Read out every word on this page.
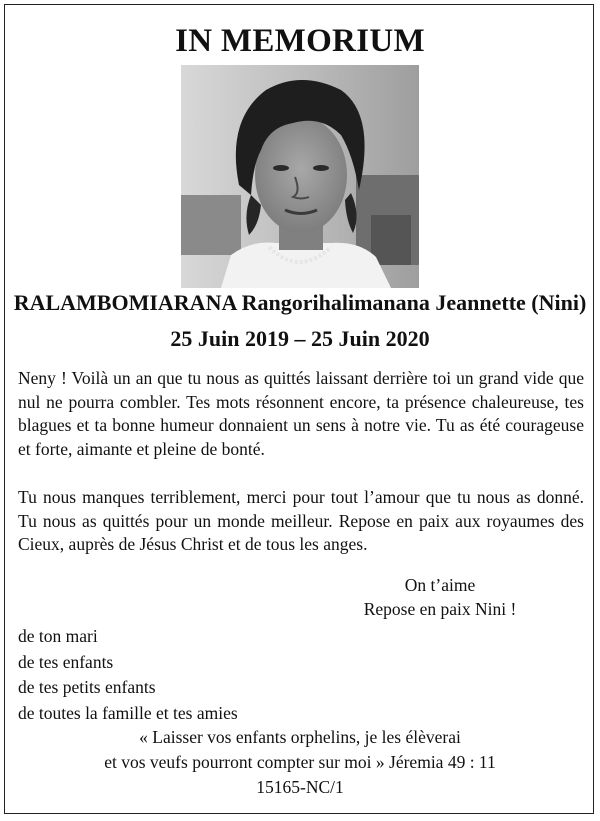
IN MEMORIUM
RALAMBOMIARANA Rangorihalimanana Jeannette (Nini)
25 Juin 2019 – 25 Juin 2020
Neny ! Voilà un an que tu nous as quittés laissant derrière toi un grand vide que nul ne pourra combler. Tes mots résonnent encore, ta présence chaleureuse, tes blagues et ta bonne humeur donnaient un sens à notre vie. Tu as été courageuse et forte, aimante et pleine de bonté.
Tu nous manques terriblement, merci pour tout l’amour que tu nous as donné. Tu nous as quittés pour un monde meilleur. Repose en paix aux royaumes des Cieux, auprès de Jésus Christ et de tous les anges.
On t’aime
Repose en paix Nini !
de ton mari
de tes enfants
de tes petits enfants
de toutes la famille et tes amies
« Laisser vos enfants orphelins, je les élèverai
et vos veufs pourront compter sur moi » Jéremia 49 : 11
15165-NC/1
